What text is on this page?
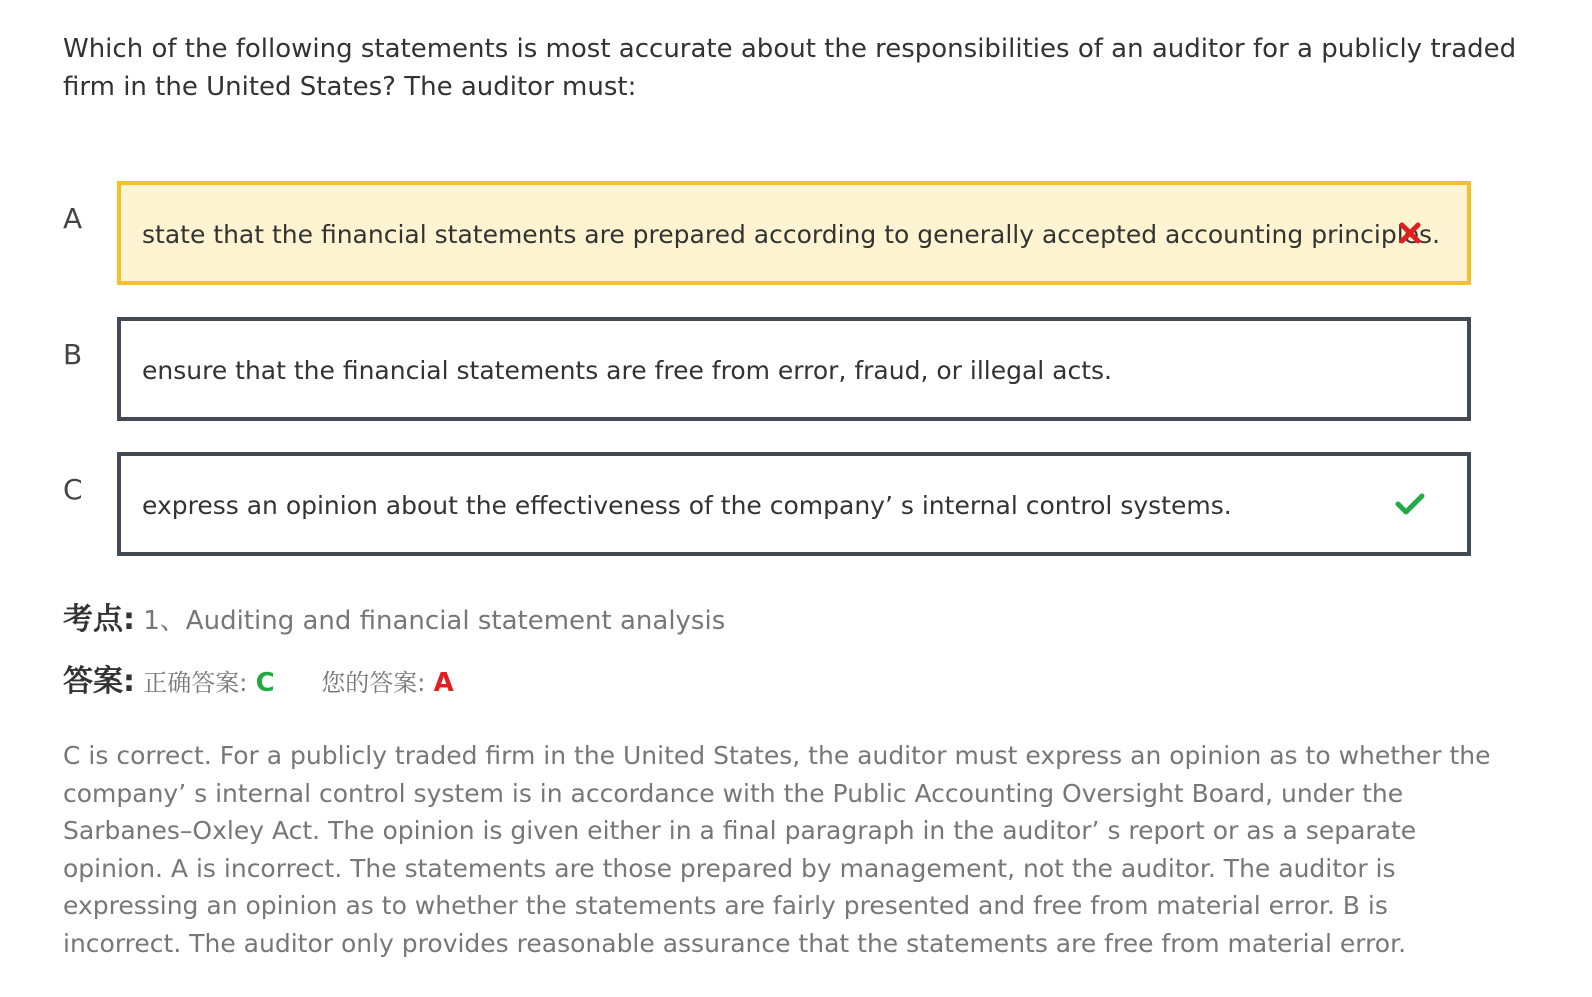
Which of the following statements is most accurate about the responsibilities of an auditor for a publicly traded firm in the United States? The auditor must:

A state that the financial statements are prepared according to generally accepted accounting principles.
B ensure that the financial statements are free from error, fraud, or illegal acts.
C express an opinion about the effectiveness of the company’ s internal control systems.
考点: 1、Auditing and financial statement analysis
答案: 正确答案: C 您的答案: A

C is correct. For a publicly traded firm in the United States, the auditor must express an opinion as to whether the company’ s internal control system is in accordance with the Public Accounting Oversight Board, under the Sarbanes–Oxley Act. The opinion is given either in a final paragraph in the auditor’ s report or as a separate opinion. A is incorrect. The statements are those prepared by management, not the auditor. The auditor is expressing an opinion as to whether the statements are fairly presented and free from material error. B is incorrect. The auditor only provides reasonable assurance that the statements are free from material error.
